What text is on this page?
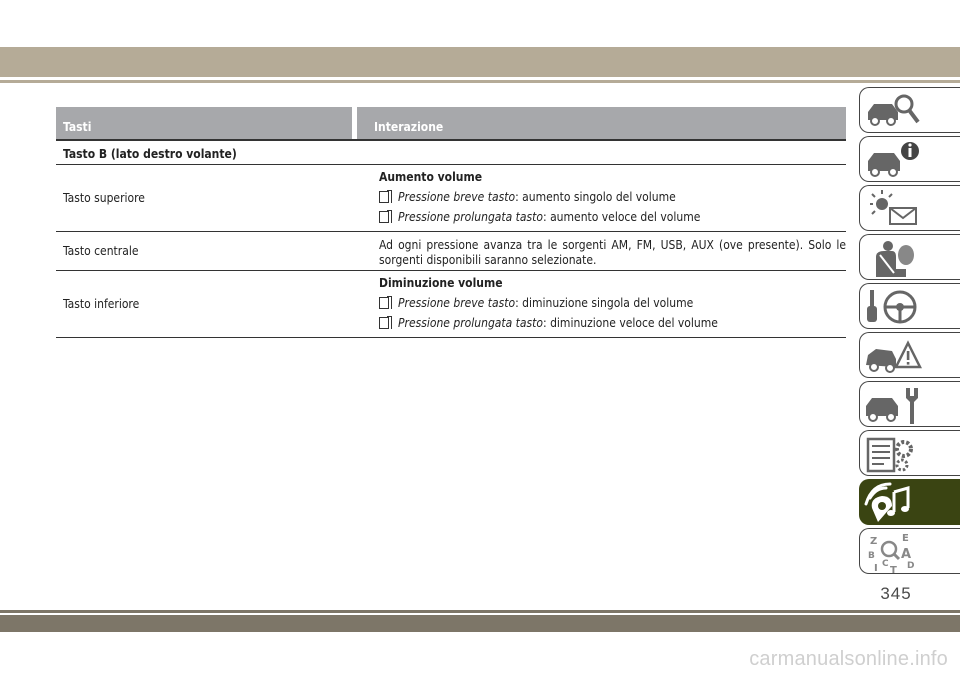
Tasti	Interazione
Tasto B (lato destro volante)
Tasto superiore
Aumento volume
Pressione breve tasto : aumento singolo del volume
Pressione prolungata tasto : aumento veloce del volume
Tasto centrale	Ad ogni pressione avanza tra le sorgenti AM, FM, USB, AUX (ove presente). Solo le sorgenti disponibili saranno selezionate.
Tasto inferiore
Diminuzione volume
Pressione breve tasto : diminuzione singola del volume
Pressione prolungata tasto : diminuzione veloce del volume
Z E
B A
I C
T D
345
carmanualsonline.info
